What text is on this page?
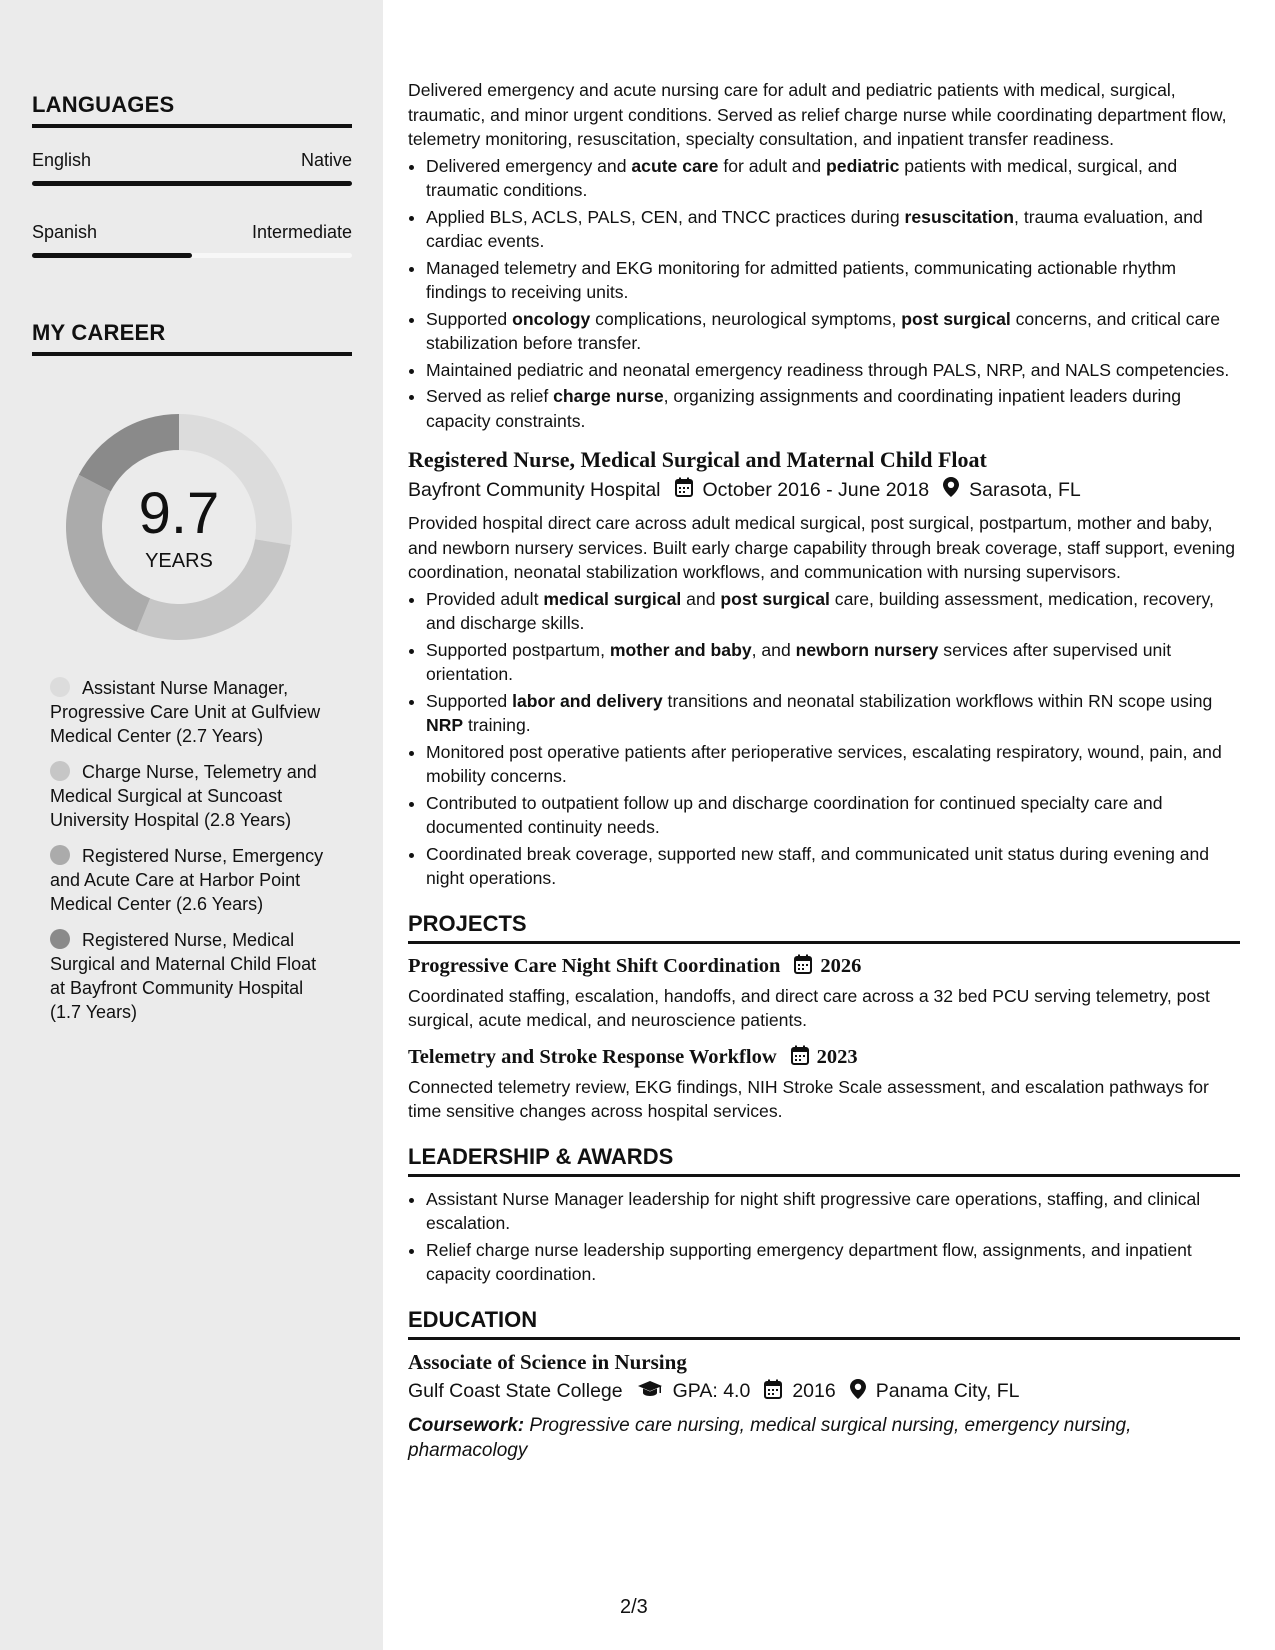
LANGUAGES
English	Native
Spanish	Intermediate
MY CAREER
9.7
YEARS
Assistant Nurse Manager, Progressive Care Unit at Gulfview Medical Center (2.7 Years)
Charge Nurse, Telemetry and Medical Surgical at Suncoast University Hospital (2.8 Years)
Registered Nurse, Emergency and Acute Care at Harbor Point Medical Center (2.6 Years)
Registered Nurse, Medical Surgical and Maternal Child Float at Bayfront Community Hospital (1.7 Years)

Delivered emergency and acute nursing care for adult and pediatric patients with medical, surgical, traumatic, and minor urgent conditions. Served as relief charge nurse while coordinating department flow, telemetry monitoring, resuscitation, specialty consultation, and inpatient transfer readiness.

• Delivered emergency and acute care for adult and pediatric patients with medical, surgical, and traumatic conditions.
• Applied BLS, ACLS, PALS, CEN, and TNCC practices during resuscitation, trauma evaluation, and cardiac events.
• Managed telemetry and EKG monitoring for admitted patients, communicating actionable rhythm findings to receiving units.
• Supported oncology complications, neurological symptoms, post surgical concerns, and critical care stabilization before transfer.
• Maintained pediatric and neonatal emergency readiness through PALS, NRP, and NALS competencies.
• Served as relief charge nurse, organizing assignments and coordinating inpatient leaders during capacity constraints.
Registered Nurse, Medical Surgical and Maternal Child Float
Bayfront Community Hospital October 2016 - June 2018 Sarasota, FL

Provided hospital direct care across adult medical surgical, post surgical, postpartum, mother and baby, and newborn nursery services. Built early charge capability through break coverage, staff support, evening coordination, neonatal stabilization workflows, and communication with nursing supervisors.

• Provided adult medical surgical and post surgical care, building assessment, medication, recovery, and discharge skills.
• Supported postpartum, mother and baby, and newborn nursery services after supervised unit orientation.
• Supported labor and delivery transitions and neonatal stabilization workflows within RN scope using NRP training.
• Monitored post operative patients after perioperative services, escalating respiratory, wound, pain, and mobility concerns.
• Contributed to outpatient follow up and discharge coordination for continued specialty care and documented continuity needs.
• Coordinated break coverage, supported new staff, and communicated unit status during evening and night operations.
PROJECTS
Progressive Care Night Shift Coordination 2026

Coordinated staffing, escalation, handoffs, and direct care across a 32 bed PCU serving telemetry, post surgical, acute medical, and neuroscience patients.

Telemetry and Stroke Response Workflow 2023

Connected telemetry review, EKG findings, NIH Stroke Scale assessment, and escalation pathways for time sensitive changes across hospital services.

LEADERSHIP & AWARDS
• Assistant Nurse Manager leadership for night shift progressive care operations, staffing, and clinical escalation.
• Relief charge nurse leadership supporting emergency department flow, assignments, and inpatient capacity coordination.
EDUCATION
Associate of Science in Nursing
Gulf Coast State College	GPA: 4.0 2016 Panama City, FL

Coursework: Progressive care nursing, medical surgical nursing, emergency nursing, pharmacology

2/3
